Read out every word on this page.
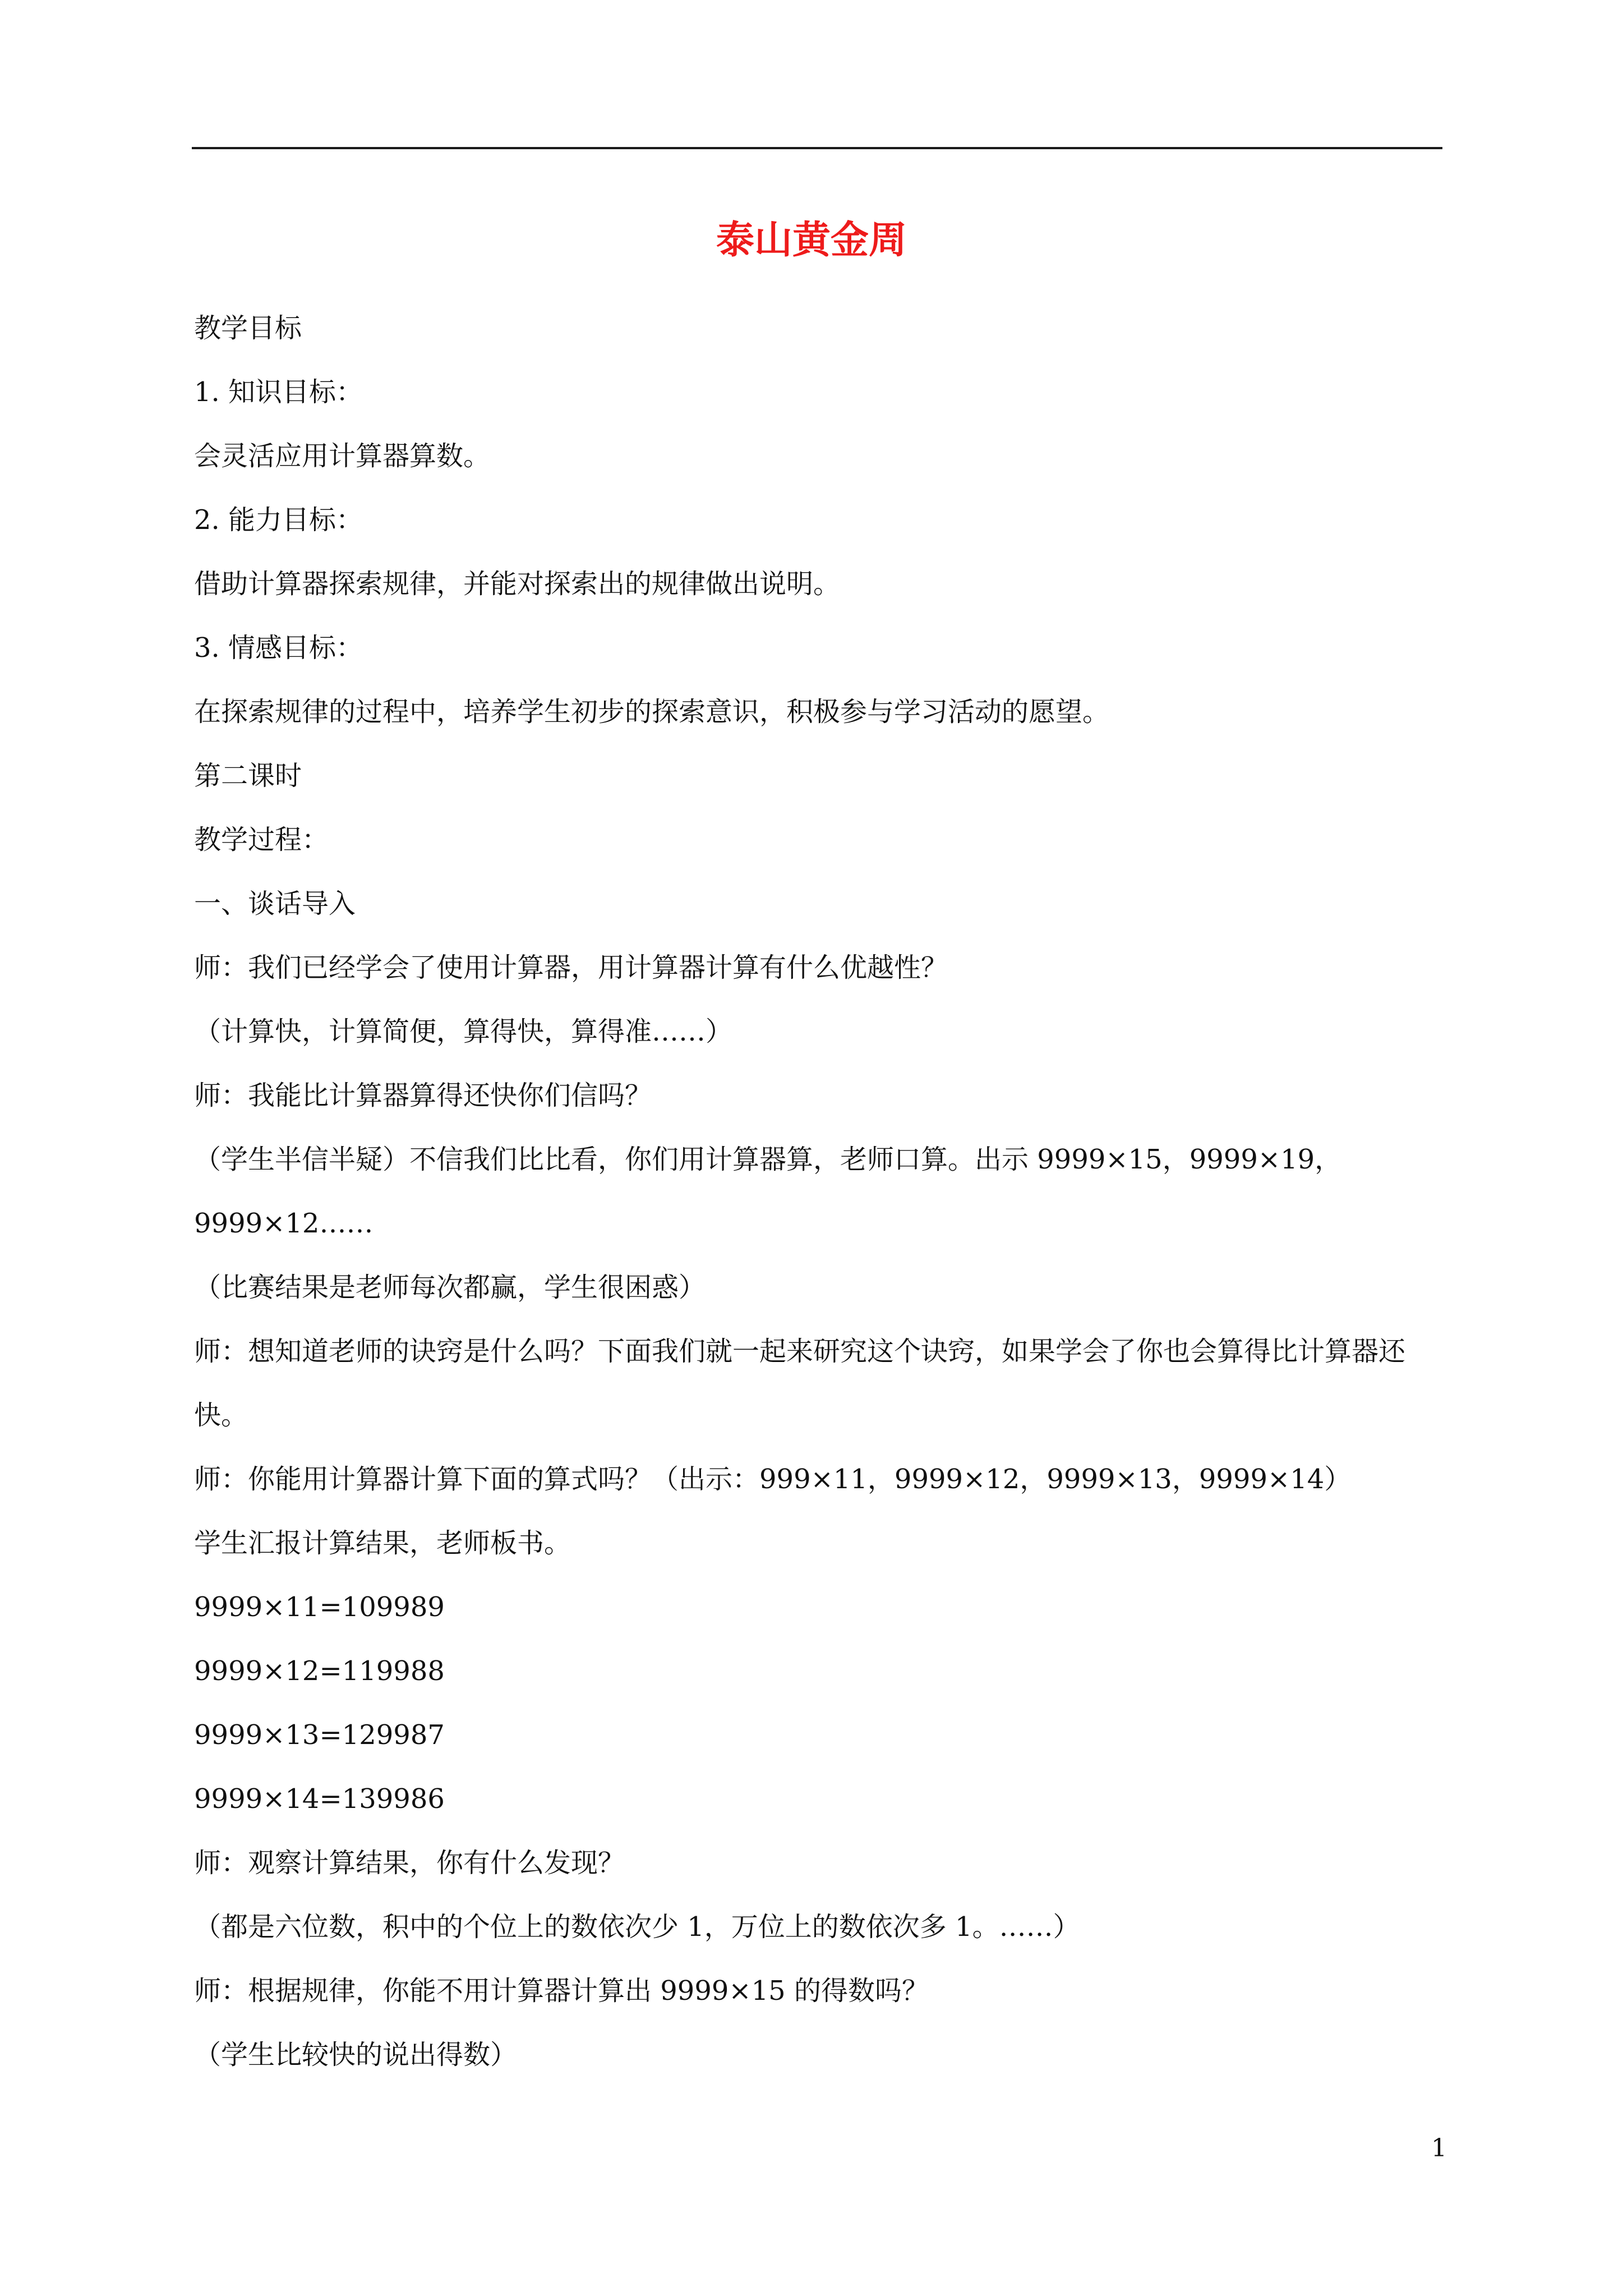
泰山黄金周

教学目标

1. 知识目标：

会灵活应用计算器算数。

2. 能力目标：

借助计算器探索规律，并能对探索出的规律做出说明。

3. 情感目标：

在探索规律的过程中，培养学生初步的探索意识，积极参与学习活动的愿望。

第二课时

教学过程：

一、谈话导入

师：我们已经学会了使用计算器，用计算器计算有什么优越性？

（计算快，计算简便，算得快，算得准……）

师：我能比计算器算得还快你们信吗？

（学生半信半疑）不信我们比比看，你们用计算器算，老师口算。出示 9999×15，9999×19，9999×12……

（比赛结果是老师每次都赢，学生很困惑）

师：想知道老师的诀窍是什么吗？下面我们就一起来研究这个诀窍，如果学会了你也会算得比计算器还快。

师：你能用计算器计算下面的算式吗？（出示：999×11，9999×12，9999×13，9999×14）

学生汇报计算结果，老师板书。

9999×11=109989

9999×12=119988

9999×13=129987

9999×14=139986

师：观察计算结果，你有什么发现？

（都是六位数，积中的个位上的数依次少 1，万位上的数依次多 1。……）

师：根据规律，你能不用计算器计算出 9999×15 的得数吗？

（学生比较快的说出得数）

1
